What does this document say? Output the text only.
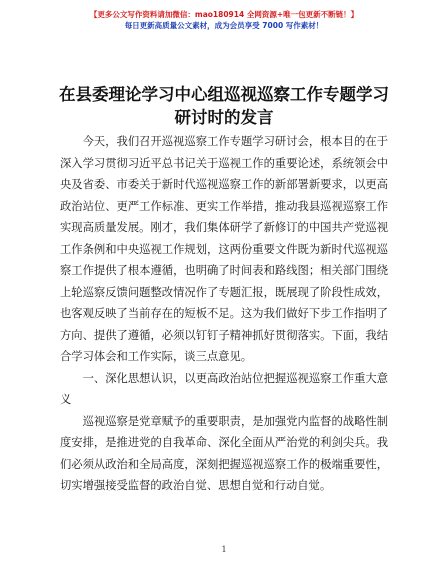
【更多公文写作资料请加微信：mao180914 全网资源+唯一包更新不断链！】
每日更新高质量公文素材，成为会员享受 7000 写作素材！
在县委理论学习中心组巡视巡察工作专题学习
研讨时的发言

今天，我们召开巡视巡察工作专题学习研讨会，根本目的在于深入学习贯彻习近平总书记关于巡视工作的重要论述，系统领会中央及省委、市委关于新时代巡视巡察工作的新部署新要求，以更高政治站位、更严工作标准、更实工作举措，推动我县巡视巡察工作实现高质量发展。刚才，我们集体研学了新修订的中国共产党巡视工作条例和中央巡视工作规划，这两份重要文件既为新时代巡视巡察工作提供了根本遵循，也明确了时间表和路线图；相关部门围绕上轮巡察反馈问题整改情况作了专题汇报，既展现了阶段性成效，也客观反映了当前存在的短板不足。这为我们做好下步工作指明了方向、提供了遵循，必须以钉钉子精神抓好贯彻落实。下面，我结合学习体会和工作实际，谈三点意见。

一、深化思想认识，以更高政治站位把握巡视巡察工作重大意义

巡视巡察是党章赋予的重要职责，是加强党内监督的战略性制度安排，是推进党的自我革命、深化全面从严治党的利剑尖兵。我们必须从政治和全局高度，深刻把握巡视巡察工作的极端重要性，切实增强接受监督的政治自觉、思想自觉和行动自觉。

1
